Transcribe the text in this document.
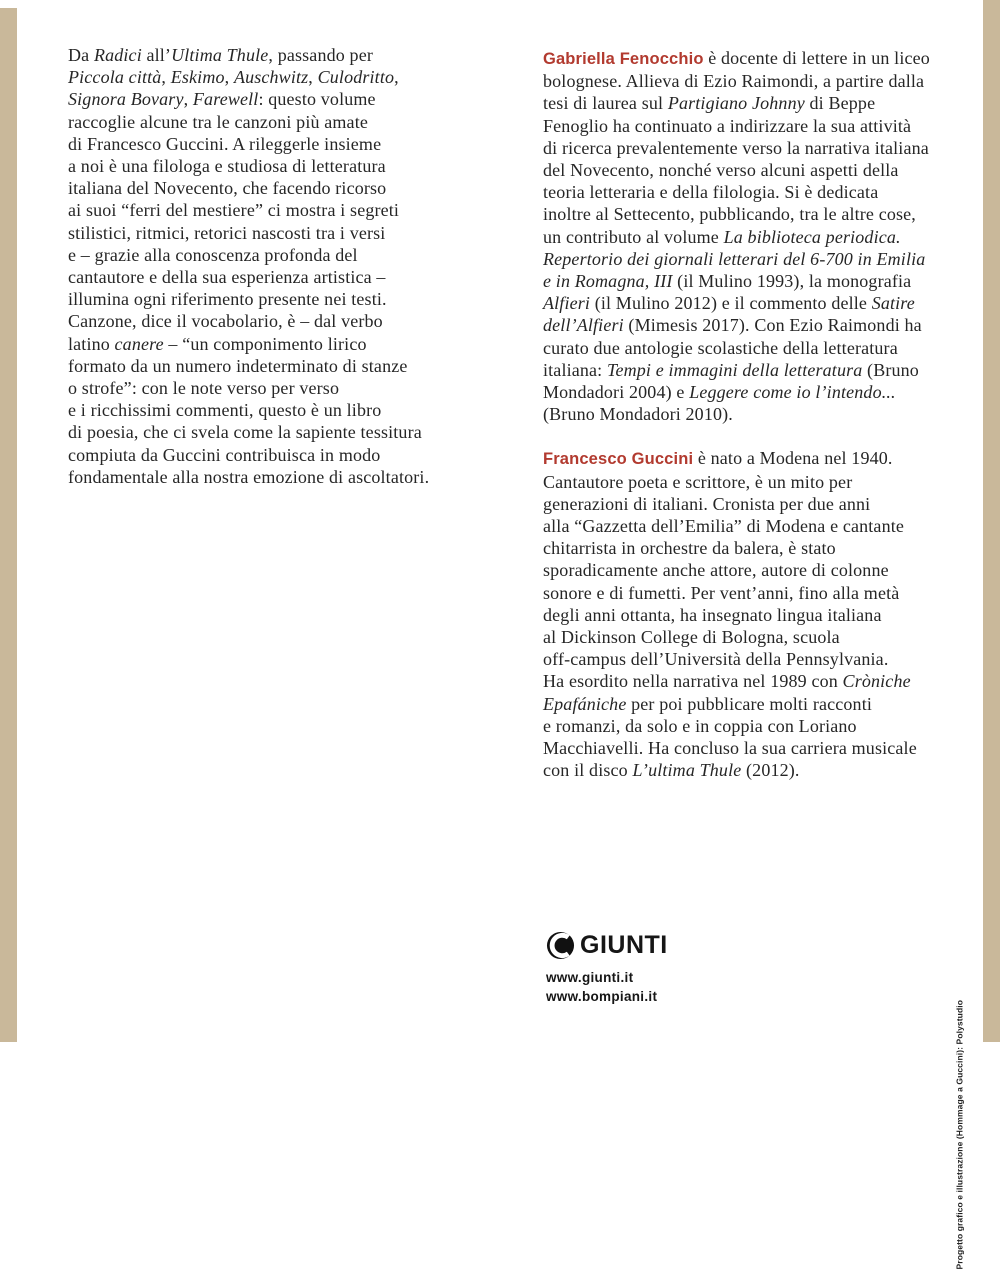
Da Radici all’Ultima Thule, passando per
Piccola città, Eskimo, Auschwitz, Culodritto,
Signora Bovary, Farewell: questo volume
raccoglie alcune tra le canzoni più amate
di Francesco Guccini. A rileggerle insieme
a noi è una filologa e studiosa di letteratura
italiana del Novecento, che facendo ricorso
ai suoi “ferri del mestiere” ci mostra i segreti
stilistici, ritmici, retorici nascosti tra i versi
e – grazie alla conoscenza profonda del
cantautore e della sua esperienza artistica –
illumina ogni riferimento presente nei testi.
Canzone, dice il vocabolario, è – dal verbo
latino canere – “un componimento lirico
formato da un numero indeterminato di stanze
o strofe”: con le note verso per verso
e i ricchissimi commenti, questo è un libro
di poesia, che ci svela come la sapiente tessitura
compiuta da Guccini contribuisca in modo
fondamentale alla nostra emozione di ascoltatori.
Gabriella Fenocchio è docente di lettere in un liceo
bolognese. Allieva di Ezio Raimondi, a partire dalla
tesi di laurea sul Partigiano Johnny di Beppe
Fenoglio ha continuato a indirizzare la sua attività
di ricerca prevalentemente verso la narrativa italiana
del Novecento, nonché verso alcuni aspetti della
teoria letteraria e della filologia. Si è dedicata
inoltre al Settecento, pubblicando, tra le altre cose,
un contributo al volume La biblioteca periodica.
Repertorio dei giornali letterari del 6-700 in Emilia
e in Romagna, III (il Mulino 1993), la monografia
Alfieri (il Mulino 2012) e il commento delle Satire
dell’Alfieri (Mimesis 2017). Con Ezio Raimondi ha
curato due antologie scolastiche della letteratura
italiana: Tempi e immagini della letteratura (Bruno
Mondadori 2004) e Leggere come io l’intendo...
(Bruno Mondadori 2010).
Francesco Guccini è nato a Modena nel 1940.
Cantautore poeta e scrittore, è un mito per
generazioni di italiani. Cronista per due anni
alla “Gazzetta dell’Emilia” di Modena e cantante
chitarrista in orchestre da balera, è stato
sporadicamente anche attore, autore di colonne
sonore e di fumetti. Per vent’anni, fino alla metà
degli anni ottanta, ha insegnato lingua italiana
al Dickinson College di Bologna, scuola
off-campus dell’Università della Pennsylvania.
Ha esordito nella narrativa nel 1989 con Cròniche
Epafániche per poi pubblicare molti racconti
e romanzi, da solo e in coppia con Loriano
Macchiavelli. Ha concluso la sua carriera musicale
con il disco L’ultima Thule (2012).
GIUNTI
www.giunti.it
www.bompiani.it
Progetto grafico e illustrazione (Hommage a Guccini): Polystudio
